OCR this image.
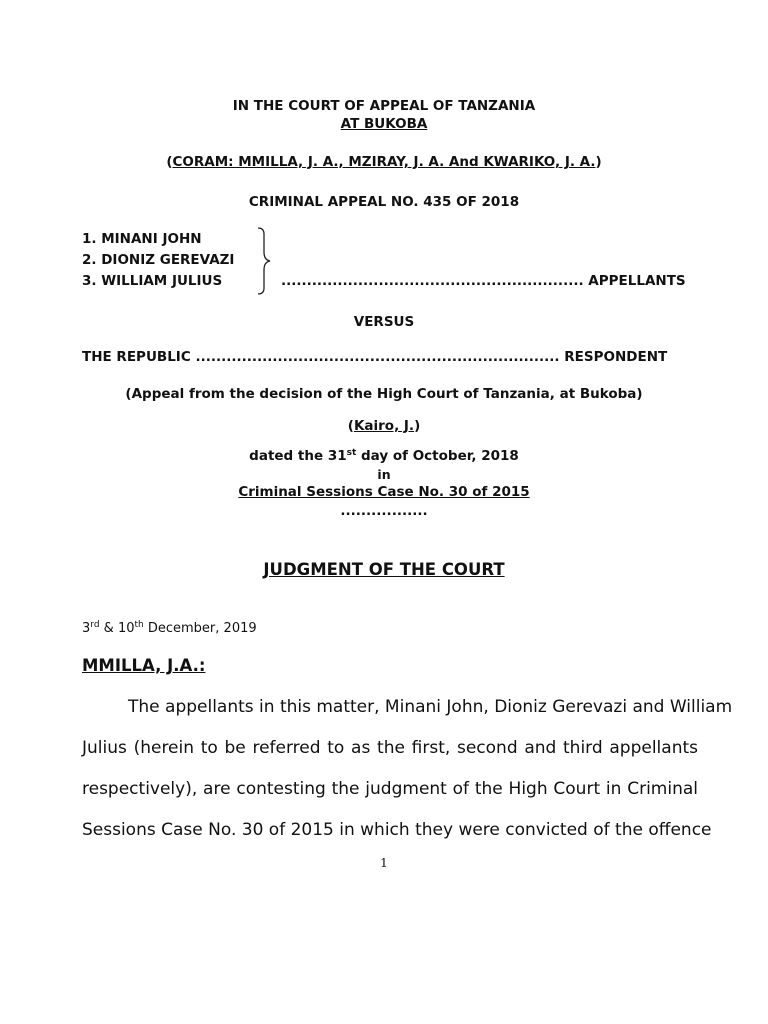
IN THE COURT OF APPEAL OF TANZANIA
AT BUKOBA
(CORAM: MMILLA, J. A., MZIRAY, J. A. And KWARIKO, J. A.)
CRIMINAL APPEAL NO. 435 OF 2018
1. MINANI JOHN
2. DIONIZ GEREVAZI
3. WILLIAM JULIUS	........................................................... APPELLANTS
VERSUS
THE REPUBLIC ....................................................................... RESPONDENT
(Appeal from the decision of the High Court of Tanzania, at Bukoba)
(Kairo, J.)
dated the 31st day of October, 2018
in
Criminal Sessions Case No. 30 of 2015
.................
JUDGMENT OF THE COURT
3rd & 10th December, 2019
MMILLA, J.A.:
The appellants in this matter, Minani John, Dioniz Gerevazi and William
Julius (herein to be referred to as the first, second and third appellants
respectively), are contesting the judgment of the High Court in Criminal
Sessions Case No. 30 of 2015 in which they were convicted of the offence
1
